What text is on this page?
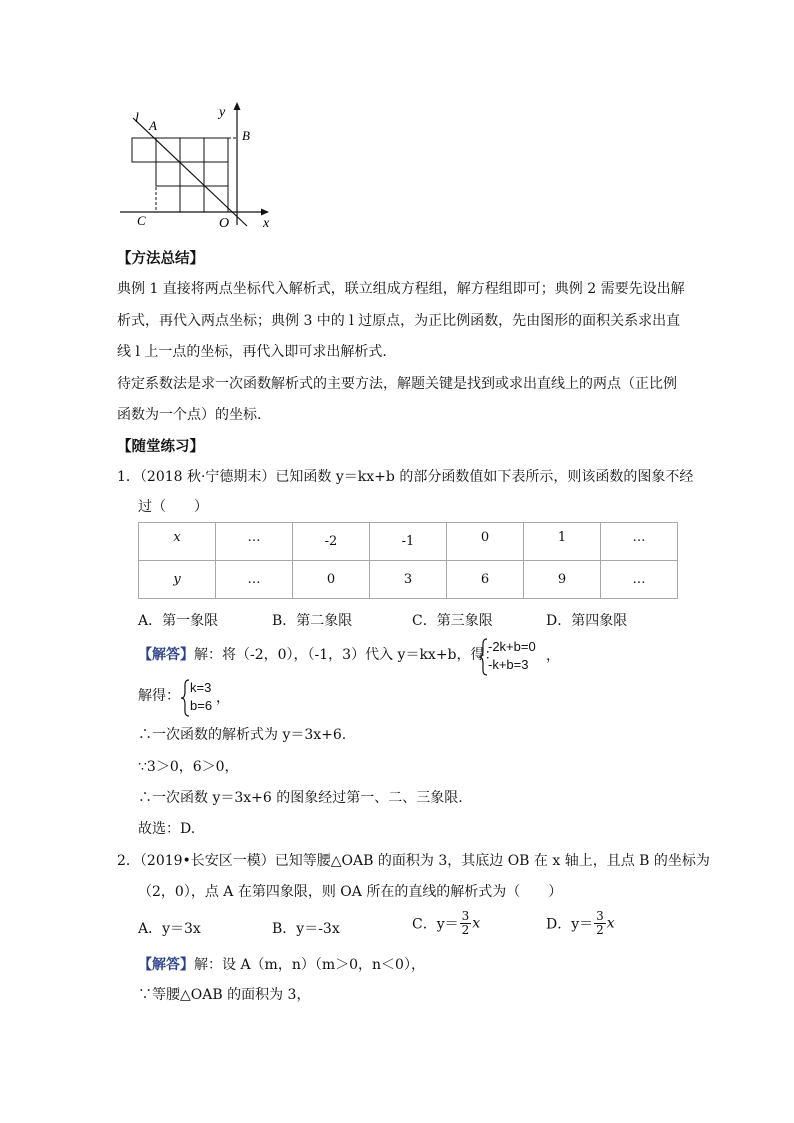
l A
y
B
C	O x
【方法总结】
典例 1 直接将两点坐标代入解析式，联立组成方程组，解方程组即可；典例 2 需要先设出解
析式，再代入两点坐标；典例 3 中的 l 过原点，为正比例函数，先由图形的面积关系求出直
线 l 上一点的坐标，再代入即可求出解析式.
待定系数法是求一次函数解析式的主要方法，解题关键是找到或求出直线上的两点（正比例
函数为一个点）的坐标.
【随堂练习】
1．（2018 秋·宁德期末）已知函数 y＝kx+b 的部分函数值如下表所示，则该函数的图象不经
过（　　）
x	…	-2	-1	0	1	…
y	…	0	3	6	9	…
A．第一象限	B．第二象限	C．第三象限	D．第四象限
【解答】解：将（-2，0），（-1，3）代入 y＝kx+b，得：
-2k+b=0
-k+b=3
，
解得：
k=3
b=6 ，
∴一次函数的解析式为 y＝3x+6.
∵3＞0，6＞0，
∴一次函数 y＝3x+6 的图象经过第一、二、三象限.
故选：D.
2．（2019•长安区一模）已知等腰△OAB 的面积为 3，其底边 OB 在 x 轴上，且点 B 的坐标为
（2，0），点 A 在第四象限，则 OA 所在的直线的解析式为（　　）
A．y＝3x	B．y＝-3x	C．$y= \frac{3}{2}$ x	D．$y= \frac{3}{2}$ x
【解答】解：设 A（m，n）（m＞0，n＜0），
∵等腰△OAB 的面积为 3，
